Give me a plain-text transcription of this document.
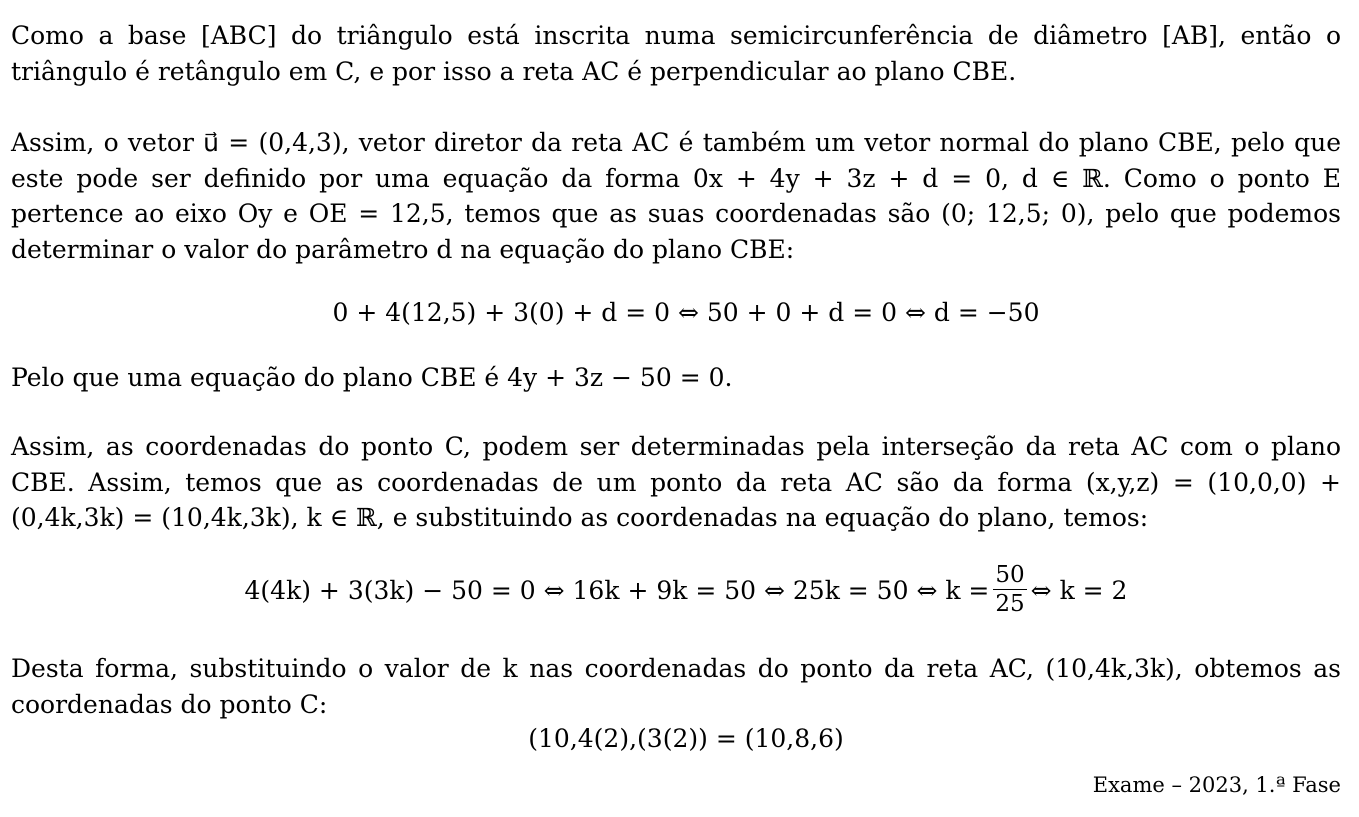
Como a base [ABC] do triângulo está inscrita numa semicircunferência de diâmetro [AB], então o triângulo é retângulo em C, e por isso a reta AC é perpendicular ao plano CBE.

Assim, o vetor u⃗ = (0,4,3), vetor diretor da reta AC é também um vetor normal do plano CBE, pelo que este pode ser definido por uma equação da forma 0x + 4y + 3z + d = 0, d ∈ ℝ. Como o ponto E pertence ao eixo Oy e OE = 12,5, temos que as suas coordenadas são (0; 12,5; 0), pelo que podemos determinar o valor do parâmetro d na equação do plano CBE:

0 + 4(12,5) + 3(0) + d = 0 ⇔ 50 + 0 + d = 0 ⇔ d = −50

Pelo que uma equação do plano CBE é 4y + 3z − 50 = 0.

Assim, as coordenadas do ponto C, podem ser determinadas pela interseção da reta AC com o plano CBE. Assim, temos que as coordenadas de um ponto da reta AC são da forma (x,y,z) = (10,0,0) + (0,4k,3k) = (10,4k,3k), k ∈ ℝ, e substituindo as coordenadas na equação do plano, temos:

4(4k) + 3(3k) − 50 = 0 ⇔ 16k + 9k = 50 ⇔ 25k = 50 ⇔ $k = \frac{50}{25}$ ⇔ k = 2

Desta forma, substituindo o valor de k nas coordenadas do ponto da reta AC, (10,4k,3k), obtemos as coordenadas do ponto C:

(10,4(2),(3(2)) = (10,8,6)
Exame – 2023, 1.ª Fase
